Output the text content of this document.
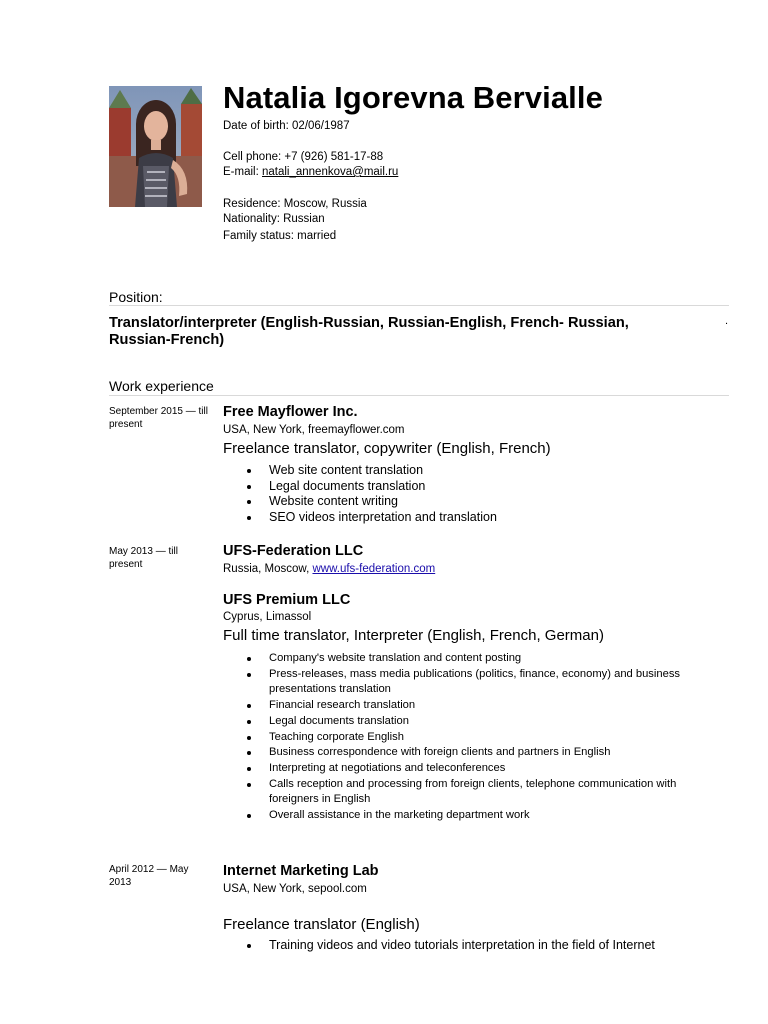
Natalia Igorevna Bervialle
Date of birth: 02/06/1987
Cell phone: +7 (926) 581-17-88
E-mail: natali_annenkova@mail.ru
Residence: Moscow, Russia
Nationality: Russian
Family status: married
Position:
Translator/interpreter (English-Russian, Russian-English, French- Russian, Russian-French)
.
Work experience
September 2015 — till present
Free Mayflower Inc.
USA, New York, freemayflower.com
Freelance translator, copywriter (English, French)
Web site content translation
Legal documents translation
Website content writing
SEO videos interpretation and translation
May 2013 — till present
UFS-Federation LLC
Russia, Moscow, www.ufs-federation.com
UFS Premium LLC
Cyprus, Limassol
Full time translator, Interpreter (English, French, German)
Company's website translation and content posting
Press-releases, mass media publications (politics, finance, economy) and business presentations translation
Financial research translation
Legal documents translation
Teaching corporate English
Business correspondence with foreign clients and partners in English
Interpreting at negotiations and teleconferences
Calls reception and processing from foreign clients, telephone communication with foreigners in English
Overall assistance in the marketing department work
April 2012 — May 2013
Internet Marketing Lab
USA, New York, sepool.com
Freelance translator (English)
Training videos and video tutorials interpretation in the field of Internet
